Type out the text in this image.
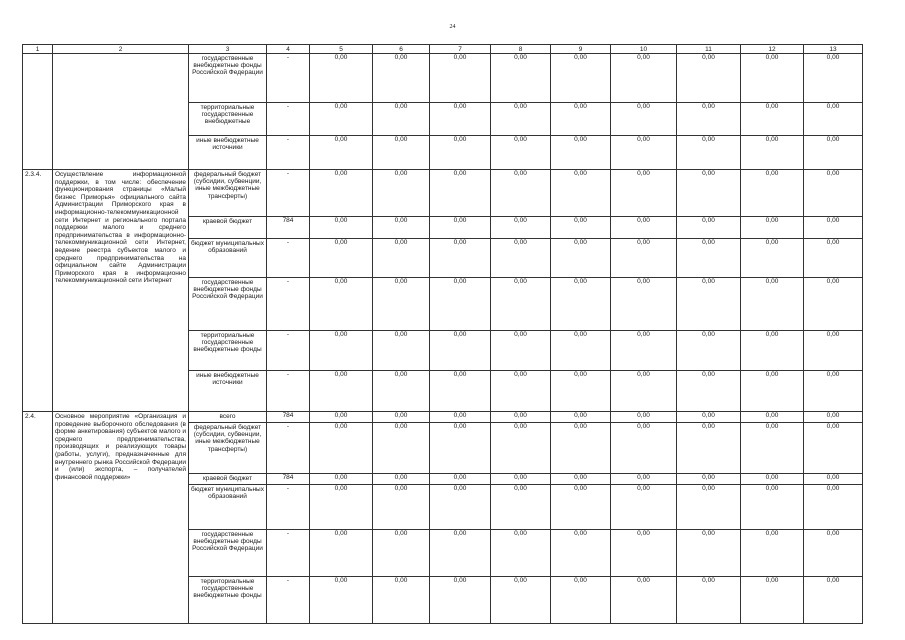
24
1	2	3	4	5	6	7	8	9	10	11	12	13
		государственные внебюджетные фонды Российской Федерации	-	0,00	0,00	0,00	0,00	0,00	0,00	0,00	0,00	0,00
		территориальные государственные внебюджетные	-	0,00	0,00	0,00	0,00	0,00	0,00	0,00	0,00	0,00
		иные внебюджетные источники	-	0,00	0,00	0,00	0,00	0,00	0,00	0,00	0,00	0,00
2.3.4.	Осуществление информационной поддержки, в том числе: обеспечение функционирования страницы «Малый бизнес Приморья» официального сайта Администрации Приморского края в информационно-телекоммуникационной сети Интернет и регионального портала поддержки малого и среднего предпринимательства в информационно-телекоммуникационной сети Интернет, ведение реестра субъектов малого и среднего предпринимательства на официальном сайте Администрации Приморского края в информационно телекоммуникационной сети Интернет	федеральный бюджет (субсидии, субвенции, иные межбюджетные трансферты)	-	0,00	0,00	0,00	0,00	0,00	0,00	0,00	0,00	0,00
		краевой бюджет	784	0,00	0,00	0,00	0,00	0,00	0,00	0,00	0,00	0,00
		бюджет муниципальных образований	-	0,00	0,00	0,00	0,00	0,00	0,00	0,00	0,00	0,00
		государственные внебюджетные фонды Российской Федерации	-	0,00	0,00	0,00	0,00	0,00	0,00	0,00	0,00	0,00
		территориальные государственные внебюджетные фонды	-	0,00	0,00	0,00	0,00	0,00	0,00	0,00	0,00	0,00
		иные внебюджетные источники	-	0,00	0,00	0,00	0,00	0,00	0,00	0,00	0,00	0,00
2.4.	Основное мероприятие «Организация и проведение выборочного обследования (в форме анкетирования) субъектов малого и среднего предпринимательства, производящих и реализующих товары (работы, услуги), предназначенные для внутреннего рынка Российской Федерации и (или) экспорта, – получателей финансовой поддержки»	всего	784	0,00	0,00	0,00	0,00	0,00	0,00	0,00	0,00	0,00
		федеральный бюджет (субсидии, субвенции, иные межбюджетные трансферты)	-	0,00	0,00	0,00	0,00	0,00	0,00	0,00	0,00	0,00
		краевой бюджет	784	0,00	0,00	0,00	0,00	0,00	0,00	0,00	0,00	0,00
		бюджет муниципальных образований	-	0,00	0,00	0,00	0,00	0,00	0,00	0,00	0,00	0,00
		государственные внебюджетные фонды Российской Федерации	-	0,00	0,00	0,00	0,00	0,00	0,00	0,00	0,00	0,00
		территориальные государственные внебюджетные фонды	-	0,00	0,00	0,00	0,00	0,00	0,00	0,00	0,00	0,00
